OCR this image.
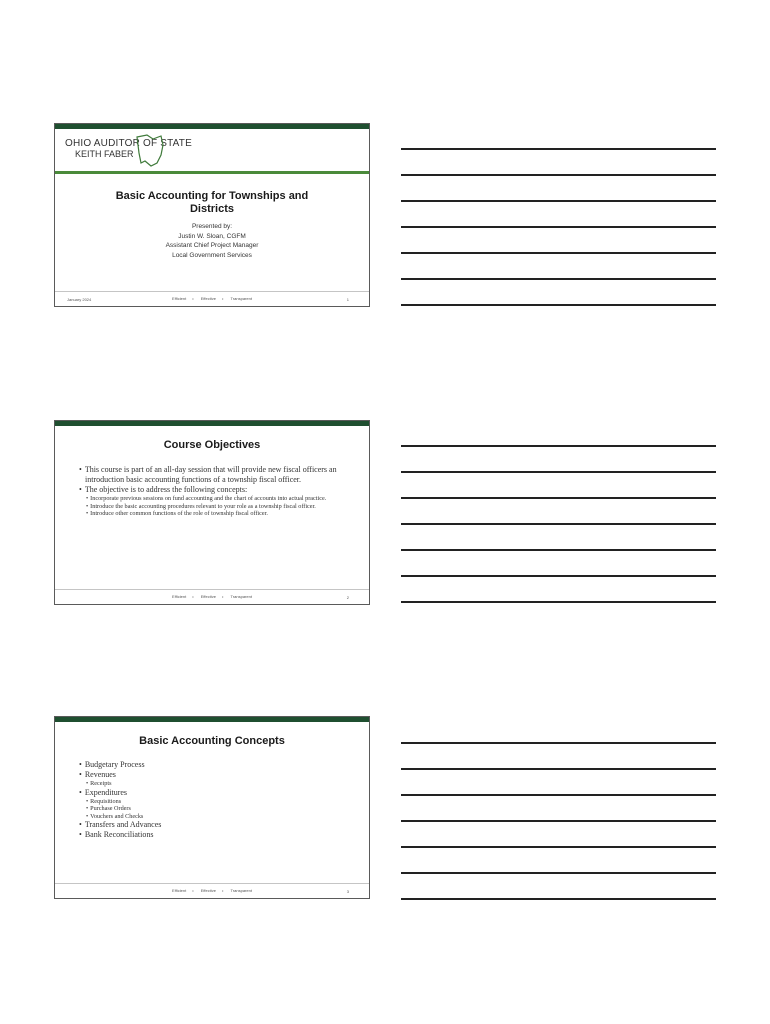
OHIO AUDITOR OF STATE
KEITH FABER
Basic Accounting for Townships and
Districts
Presented by:
Justin W. Sloan, CGFM
Assistant Chief Project Manager
Local Government Services
January 2024	Efficient • Effective • Transparent	1
Course Objectives
• This course is part of an all-day session that will provide new fiscal officers an introduction basic accounting functions of a township fiscal officer.
• The objective is to address the following concepts:
• Incorporate previous sessions on fund accounting and the chart of accounts into actual practice.
• Introduce the basic accounting procedures relevant to your role as a township fiscal officer.
• Introduce other common functions of the role of township fiscal officer.
Efficient • Effective • Transparent	2
Basic Accounting Concepts
• Budgetary Process
• Revenues
• Receipts
• Expenditures
• Requisitions
• Purchase Orders
• Vouchers and Checks
• Transfers and Advances
• Bank Reconciliations
Efficient • Effective • Transparent	3
